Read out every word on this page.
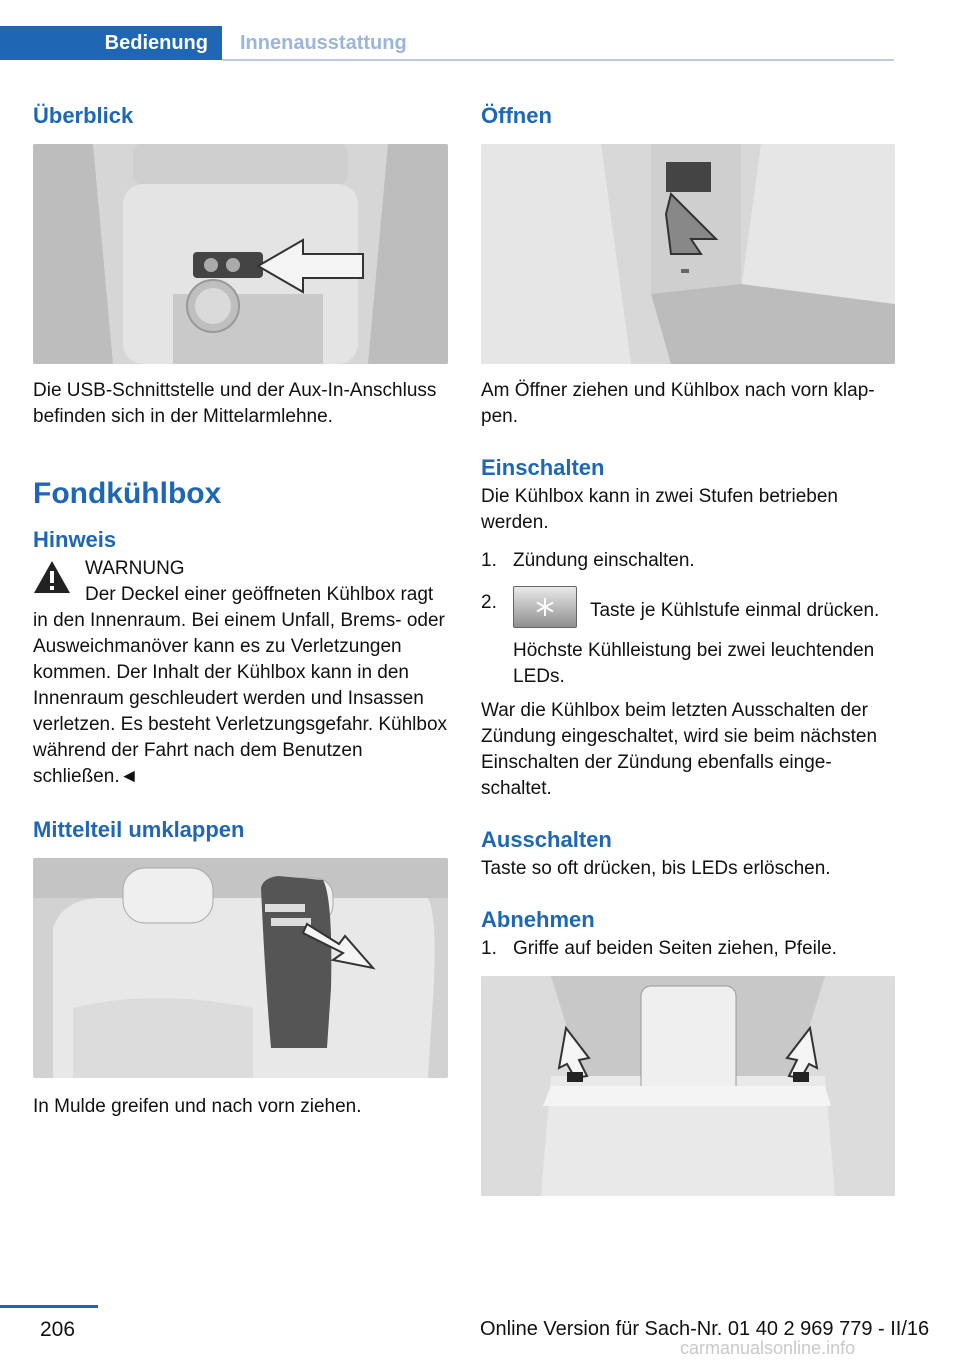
Bedienung	Innenausstattung
Überblick

Die USB-Schnittstelle und der Aux-In-Anschluss befinden sich in der Mittelarmlehne.

Fondkühlbox
Hinweis

WARNUNG

Der Deckel einer geöffneten Kühlbox ragt in den Innenraum. Bei einem Unfall, Brems- oder Ausweichmanöver kann es zu Verletzungen kommen. Der Inhalt der Kühlbox kann in den Innenraum geschleudert werden und Insassen verletzen. Es besteht Verletzungsgefahr. Kühlbox während der Fahrt nach dem Benutzen schließen.◄

Mittelteil umklappen

In Mulde greifen und nach vorn ziehen.

Öffnen

Am Öffner ziehen und Kühlbox nach vorn klappen.

Einschalten

Die Kühlbox kann in zwei Stufen betrieben werden.

1. Zündung einschalten.
2.	Taste je Kühlstufe einmal drücken.
Höchste Kühlleistung bei zwei leuchtenden LEDs.

War die Kühlbox beim letzten Ausschalten der Zündung eingeschaltet, wird sie beim nächsten Einschalten der Zündung ebenfalls eingeschaltet.

Ausschalten

Taste so oft drücken, bis LEDs erlöschen.

Abnehmen
1. Griffe auf beiden Seiten ziehen, Pfeile.
206	Online Version für Sach-Nr. 01 40 2 969 779 - II/16
carmanualsonline.info
